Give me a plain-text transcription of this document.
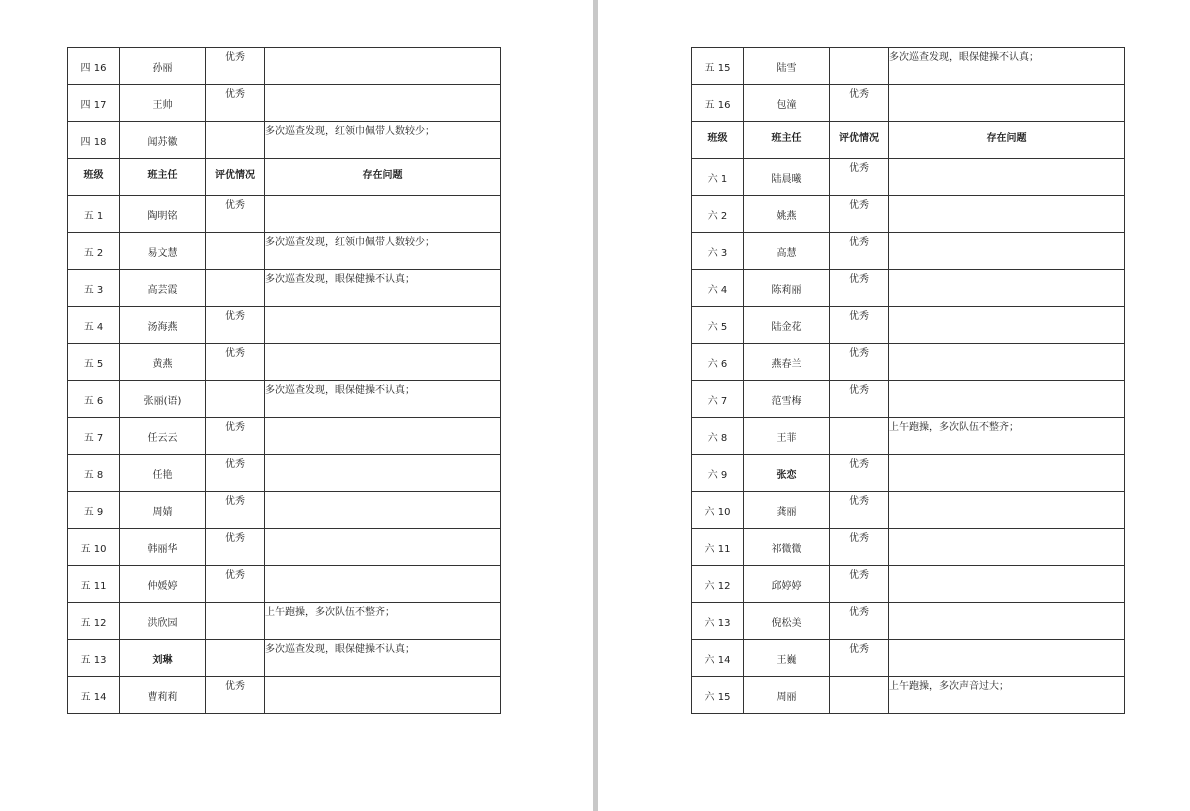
四 16	孙丽	优秀	
四 17	王帅	优秀	
四 18	闻苏徽		多次巡查发现，红领巾佩带人数较少；
班级	班主任	评优情况	存在问题
五 1	陶明铭	优秀	
五 2	易文慧		多次巡查发现，红领巾佩带人数较少；
五 3	高芸霞		多次巡查发现，眼保健操不认真；
五 4	汤海燕	优秀	
五 5	黄燕	优秀	
五 6	张丽(语)		多次巡查发现，眼保健操不认真；
五 7	任云云	优秀	
五 8	任艳	优秀	
五 9	周婧	优秀	
五 10	韩丽华	优秀	
五 11	仲媛婷	优秀	
五 12	洪欣园		上午跑操，多次队伍不整齐；
五 13	刘琳		多次巡查发现，眼保健操不认真；
五 14	曹莉莉	优秀	
五 15	陆雪		多次巡查发现，眼保健操不认真；
五 16	包潼	优秀	
班级	班主任	评优情况	存在问题
六 1	陆晨曦	优秀	
六 2	姚燕	优秀	
六 3	高慧	优秀	
六 4	陈莉丽	优秀	
六 5	陆金花	优秀	
六 6	燕春兰	优秀	
六 7	范雪梅	优秀	
六 8	王菲		上午跑操，多次队伍不整齐；
六 9	张恋	优秀	
六 10	龚丽	优秀	
六 11	祁微微	优秀	
六 12	邱婷婷	优秀	
六 13	倪松美	优秀	
六 14	王巍	优秀	
六 15	周丽		上午跑操，多次声音过大；
